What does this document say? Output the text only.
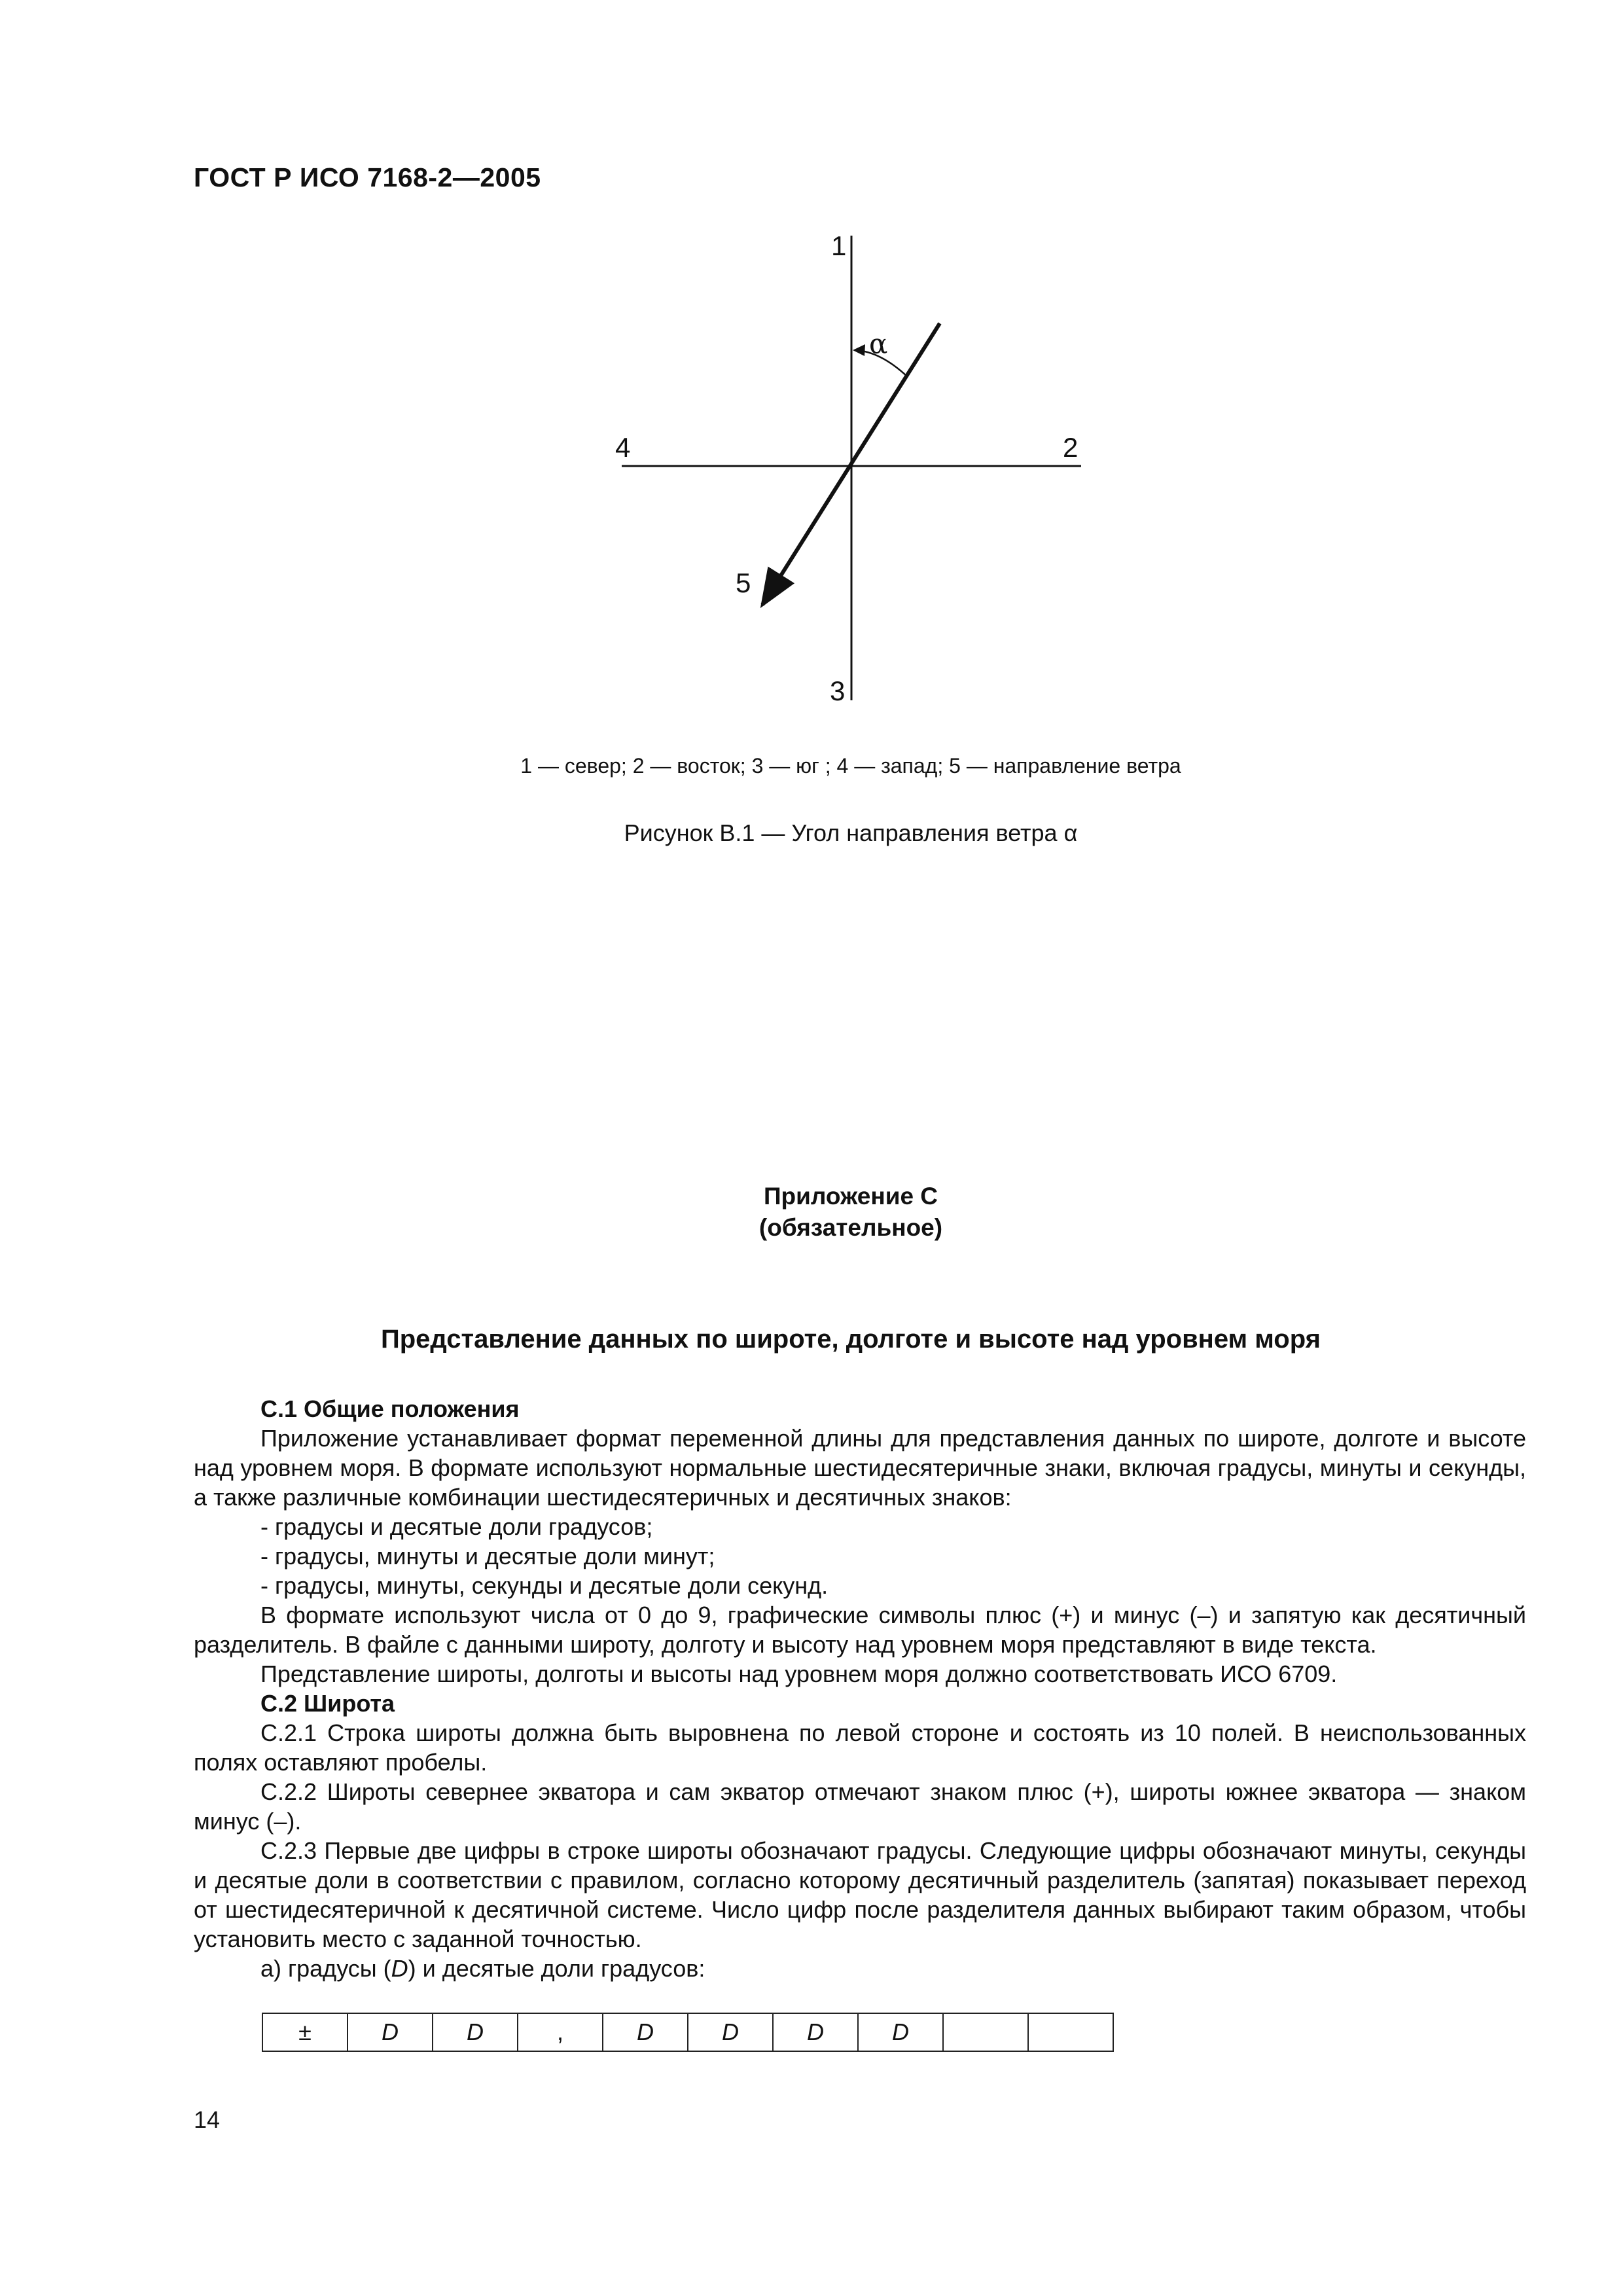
ГОСТ Р ИСО 7168-2—2005
1
2
3
4
5
α
1 — север; 2 — восток; 3 — юг ; 4 — запад; 5 — направление ветра
Рисунок В.1 — Угол направления ветра α
Приложение С
(обязательное)
Представление данных по широте, долготе и высоте над уровнем моря

С.1 Общие положения

Приложение устанавливает формат переменной длины для представления данных по широте, долготе и высоте над уровнем моря. В формате используют нормальные шестидесятеричные знаки, включая градусы, минуты и секунды, а также различные комбинации шестидесятеричных и десятичных знаков:

- градусы и десятые доли градусов;

- градусы, минуты и десятые доли минут;

- градусы, минуты, секунды и десятые доли секунд.

В формате используют числа от 0 до 9, графические символы плюс (+) и минус (–) и запятую как десятичный разделитель. В файле с данными широту, долготу и высоту над уровнем моря представляют в виде текста.

Представление широты, долготы и высоты над уровнем моря должно соответствовать ИСО 6709.

С.2 Широта

С.2.1 Строка широты должна быть выровнена по левой стороне и состоять из 10 полей. В неиспользованных полях оставляют пробелы.

С.2.2 Широты севернее экватора и сам экватор отмечают знаком плюс (+), широты южнее экватора — знаком минус (–).

С.2.3 Первые две цифры в строке широты обозначают градусы. Следующие цифры обозначают минуты, секунды и десятые доли в соответствии с правилом, согласно которому десятичный разделитель (запятая) показывает переход от шестидесятеричной к десятичной системе. Число цифр после разделителя данных выбирают таким образом, чтобы установить место с заданной точностью.

а) градусы (D) и десятые доли градусов:

±	D	D	,	D	D	D	D		
14
